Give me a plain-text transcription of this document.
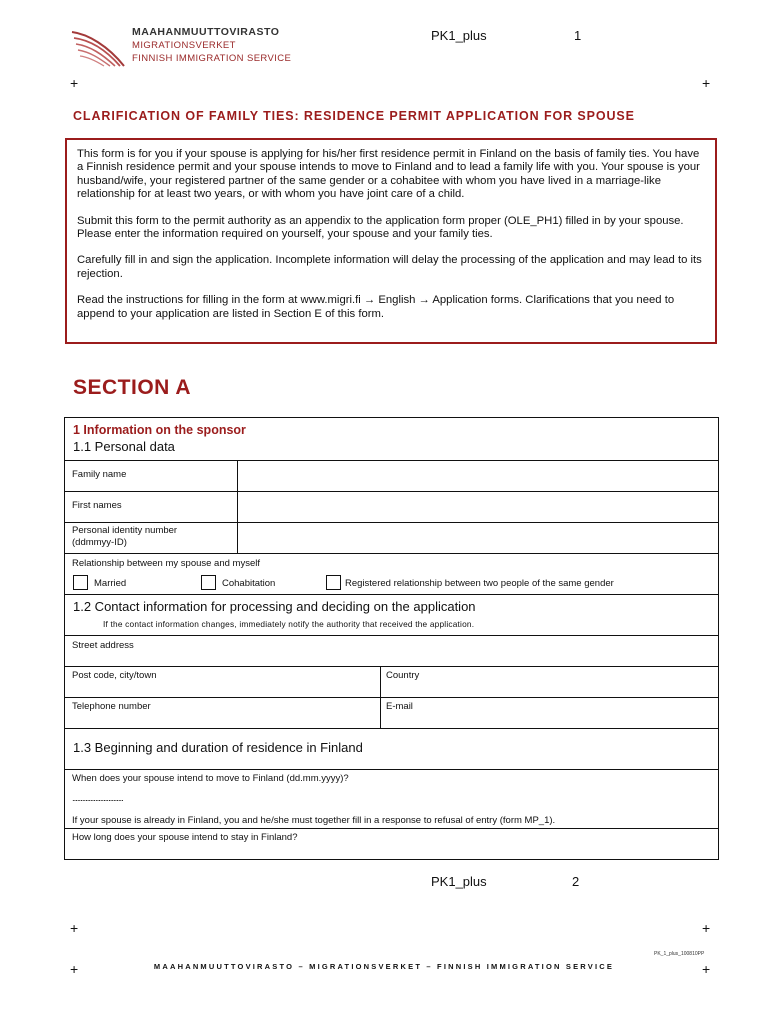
MAAHANMUUTTOVIRASTO
MIGRATIONSVERKET
FINNISH IMMIGRATION SERVICE
PK1_plus	1
+	+
CLARIFICATION OF FAMILY TIES: RESIDENCE PERMIT APPLICATION FOR SPOUSE

This form is for you if your spouse is applying for his/her first residence permit in Finland on the basis of family ties. You have a Finnish residence permit and your spouse intends to move to Finland and to lead a family life with you. Your spouse is your husband/wife, your registered partner of the same gender or a cohabitee with whom you have lived in a marriage-like relationship for at least two years, or with whom you have joint care of a child.

Submit this form to the permit authority as an appendix to the application form proper (OLE_PH1) filled in by your spouse. Please enter the information required on yourself, your spouse and your family ties.

Carefully fill in and sign the application. Incomplete information will delay the processing of the application and may lead to its rejection.

Read the instructions for filling in the form at www.migri.fi → English → Application forms. Clarifications that you need to append to your application are listed in Section E of this form.

SECTION A
1 Information on the sponsor
1.1 Personal data
Family name
First names
Personal identity number
(ddmmyy-ID)
Relationship between my spouse and myself
Married	Cohabitation	Registered relationship between two people of the same gender
1.2 Contact information for processing and deciding on the application
If the contact information changes, immediately notify the authority that received the application.
Street address
Post code, city/town	Country
Telephone number	E-mail
1.3 Beginning and duration of residence in Finland
When does your spouse intend to move to Finland (dd.mm.yyyy)?
...............................
If your spouse is already in Finland, you and he/she must together fill in a response to refusal of entry (form MP_1).
How long does your spouse intend to stay in Finland?
PK1_plus	2
+	+
PK_1_plus_100810PP
+	MAAHANMUUTTOVIRASTO – MIGRATIONSVERKET – FINNISH IMMIGRATION SERVICE	+
